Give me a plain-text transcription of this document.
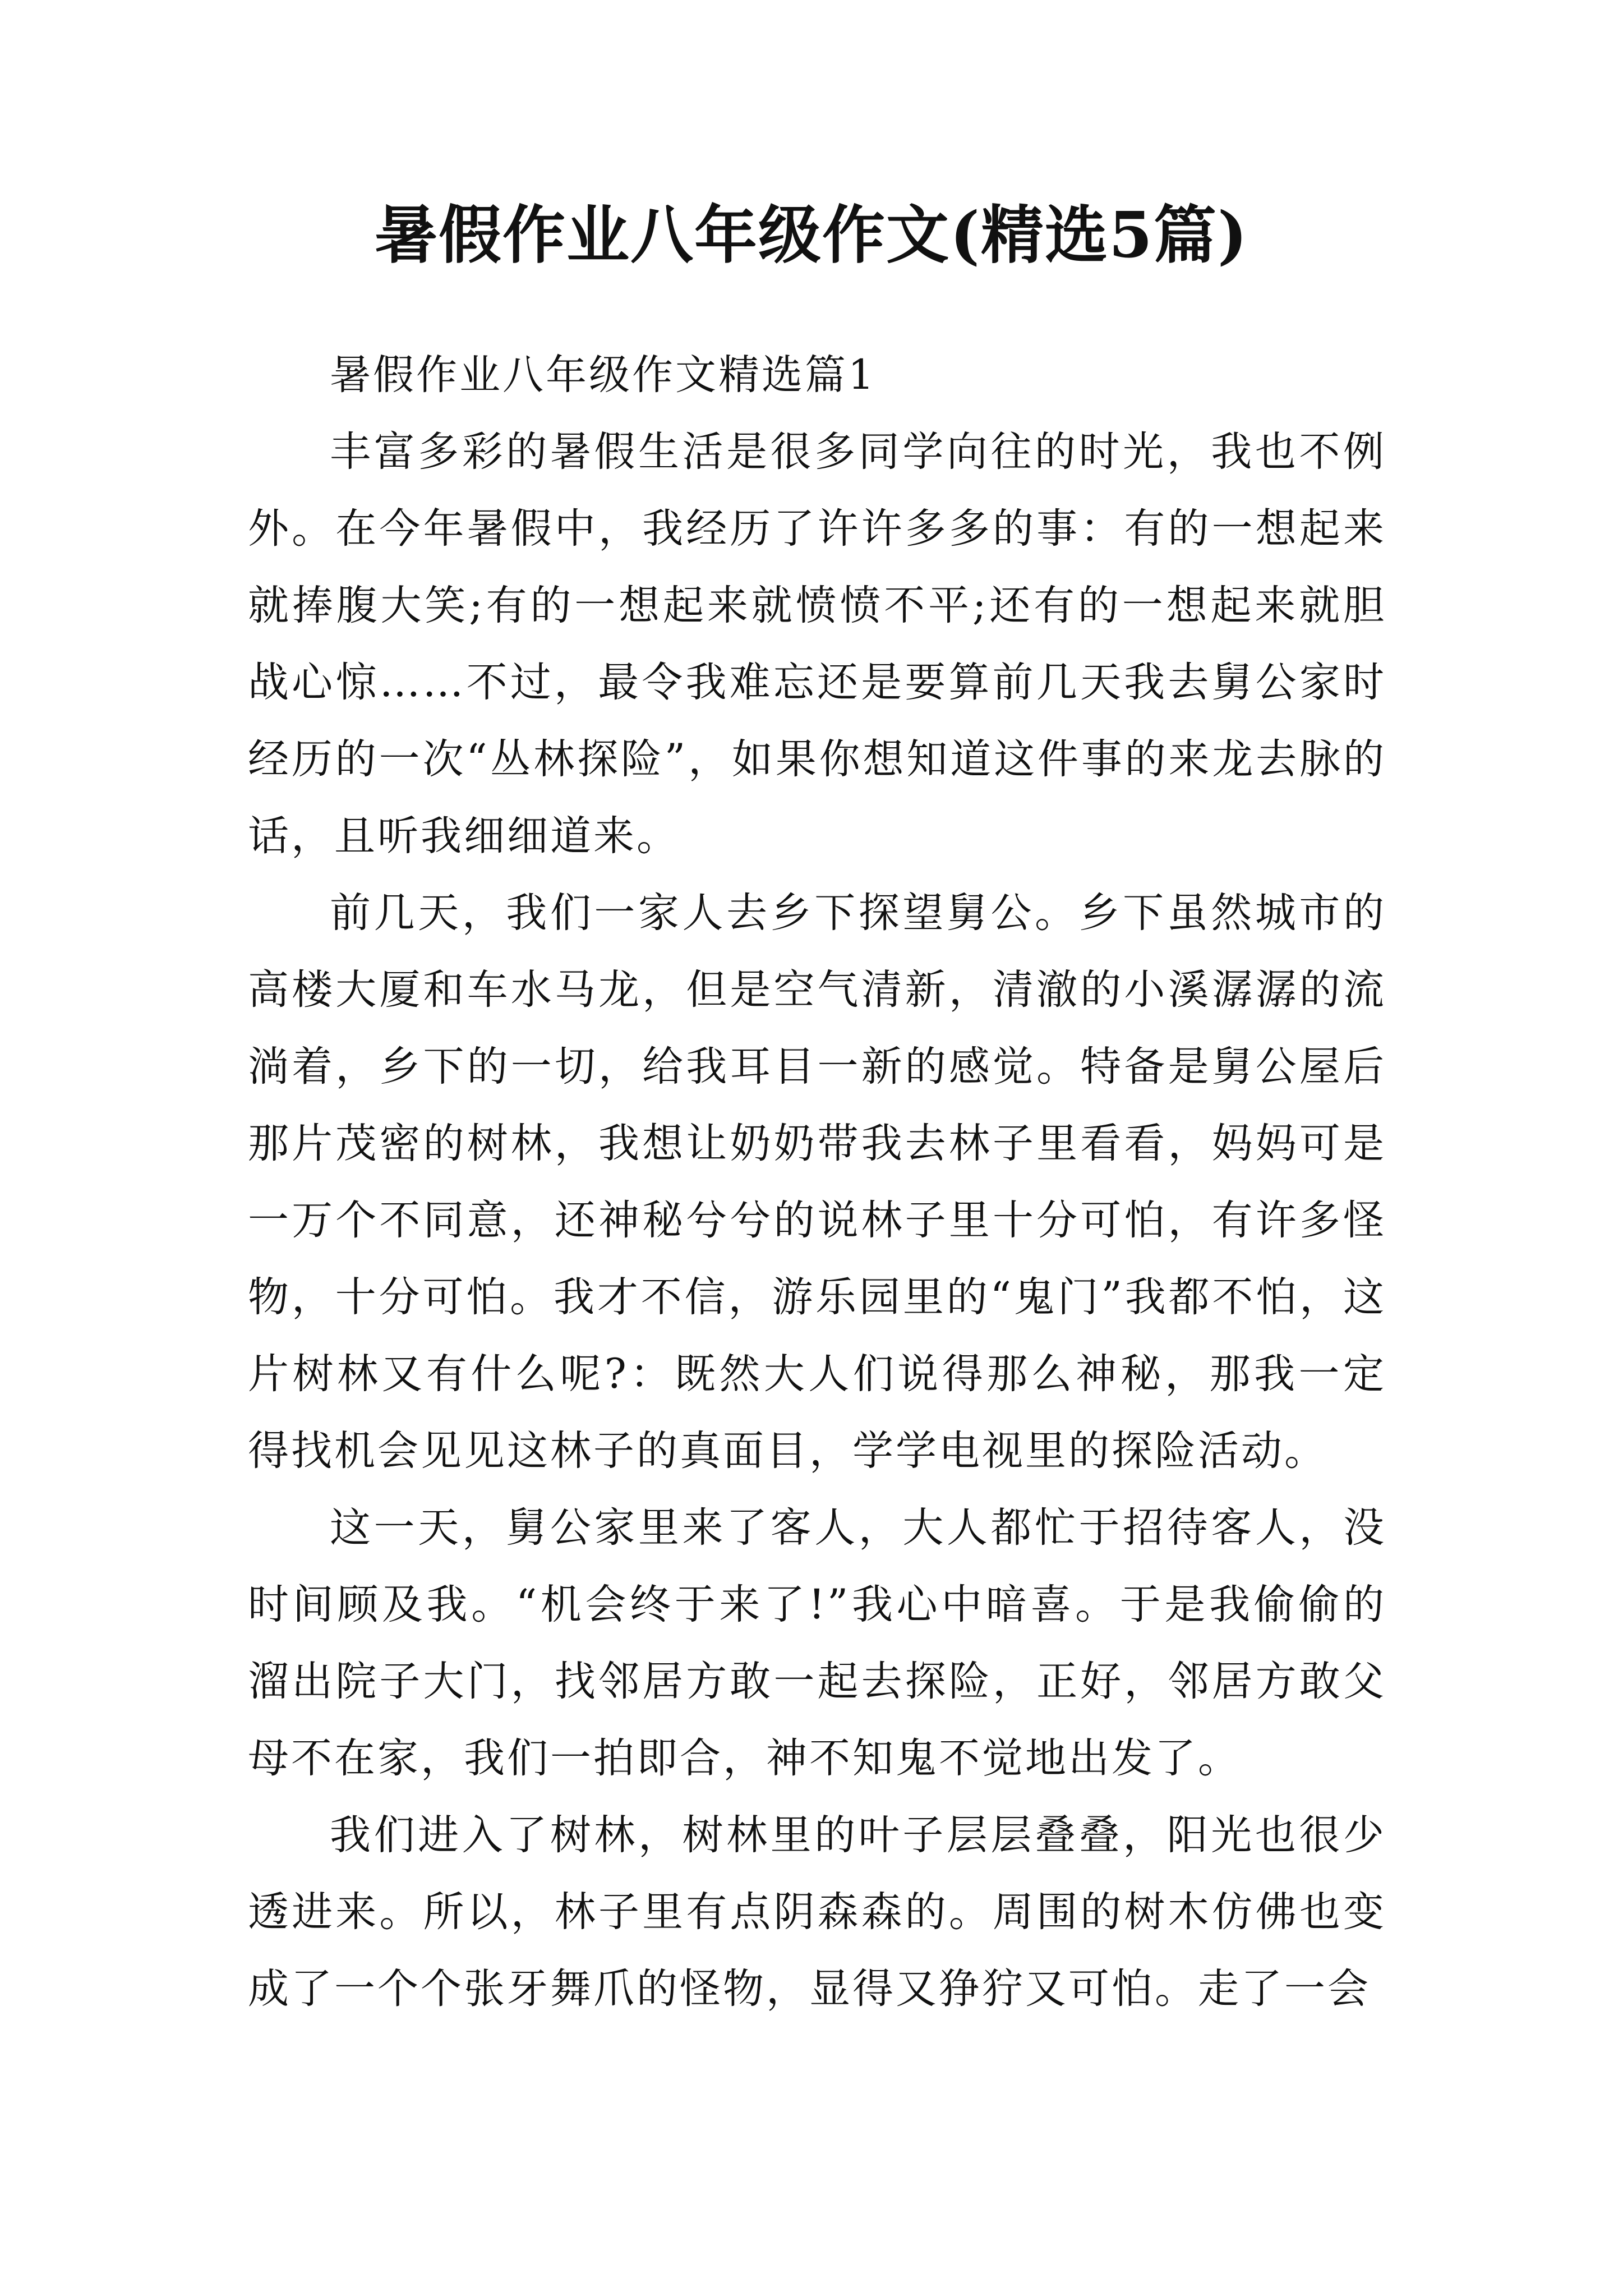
暑假作业八年级作文(精选5篇)

暑假作业八年级作文精选篇1

丰富多彩的暑假生活是很多同学向往的时光，我也不例外。在今年暑假中，我经历了许许多多的事：有的一想起来就捧腹大笑;有的一想起来就愤愤不平;还有的一想起来就胆战心惊……不过，最令我难忘还是要算前几天我去舅公家时经历的一次“丛林探险”，如果你想知道这件事的来龙去脉的话，且听我细细道来。

前几天，我们一家人去乡下探望舅公。乡下虽然城市的高楼大厦和车水马龙，但是空气清新，清澈的小溪潺潺的流淌着，乡下的一切，给我耳目一新的感觉。特备是舅公屋后那片茂密的树林，我想让奶奶带我去林子里看看，妈妈可是一万个不同意，还神秘兮兮的说林子里十分可怕，有许多怪物，十分可怕。我才不信，游乐园里的“鬼门”我都不怕，这片树林又有什么呢?：既然大人们说得那么神秘，那我一定得找机会见见这林子的真面目，学学电视里的探险活动。

这一天，舅公家里来了客人，大人都忙于招待客人，没时间顾及我。“机会终于来了!”我心中暗喜。于是我偷偷的溜出院子大门，找邻居方敢一起去探险，正好，邻居方敢父母不在家，我们一拍即合，神不知鬼不觉地出发了。

我们进入了树林，树林里的叶子层层叠叠，阳光也很少透进来。所以，林子里有点阴森森的。周围的树木仿佛也变成了一个个张牙舞爪的怪物，显得又狰狞又可怕。走了一会
